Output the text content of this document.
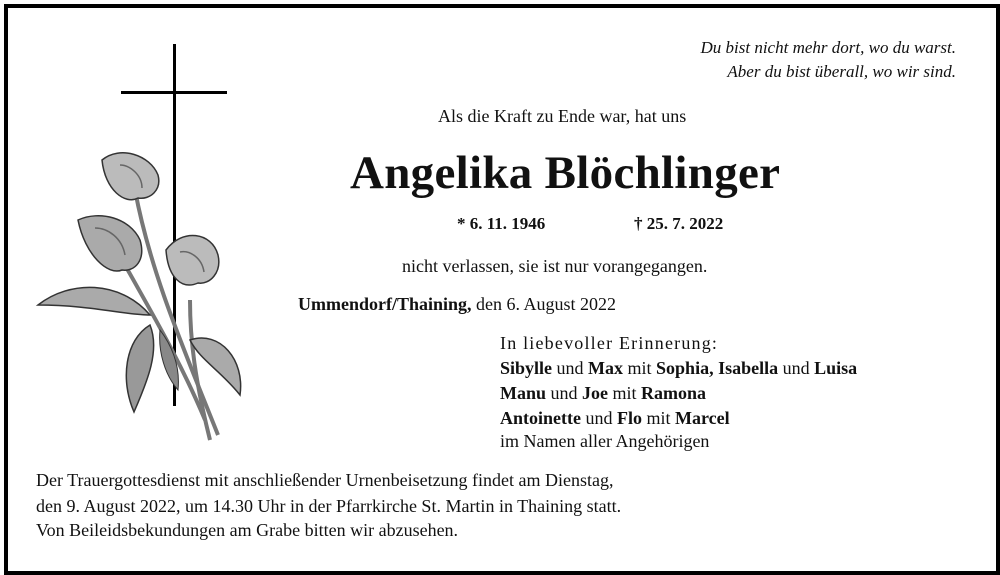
Du bist nicht mehr dort, wo du warst.
Aber du bist überall, wo wir sind.
Als die Kraft zu Ende war, hat uns
Angelika Blöchlinger
* 6. 11. 1946	† 25. 7. 2022
nicht verlassen, sie ist nur vorangegangen.
Ummendorf/Thaining, den 6. August 2022
In liebevoller Erinnerung:
Sibylle und Max mit Sophia, Isabella und Luisa
Manu und Joe mit Ramona
Antoinette und Flo mit Marcel
im Namen aller Angehörigen
Der Trauergottesdienst mit anschließender Urnenbeisetzung findet am Dienstag,
den 9. August 2022, um 14.30 Uhr in der Pfarrkirche St. Martin in Thaining statt.
Von Beileidsbekundungen am Grabe bitten wir abzusehen.
